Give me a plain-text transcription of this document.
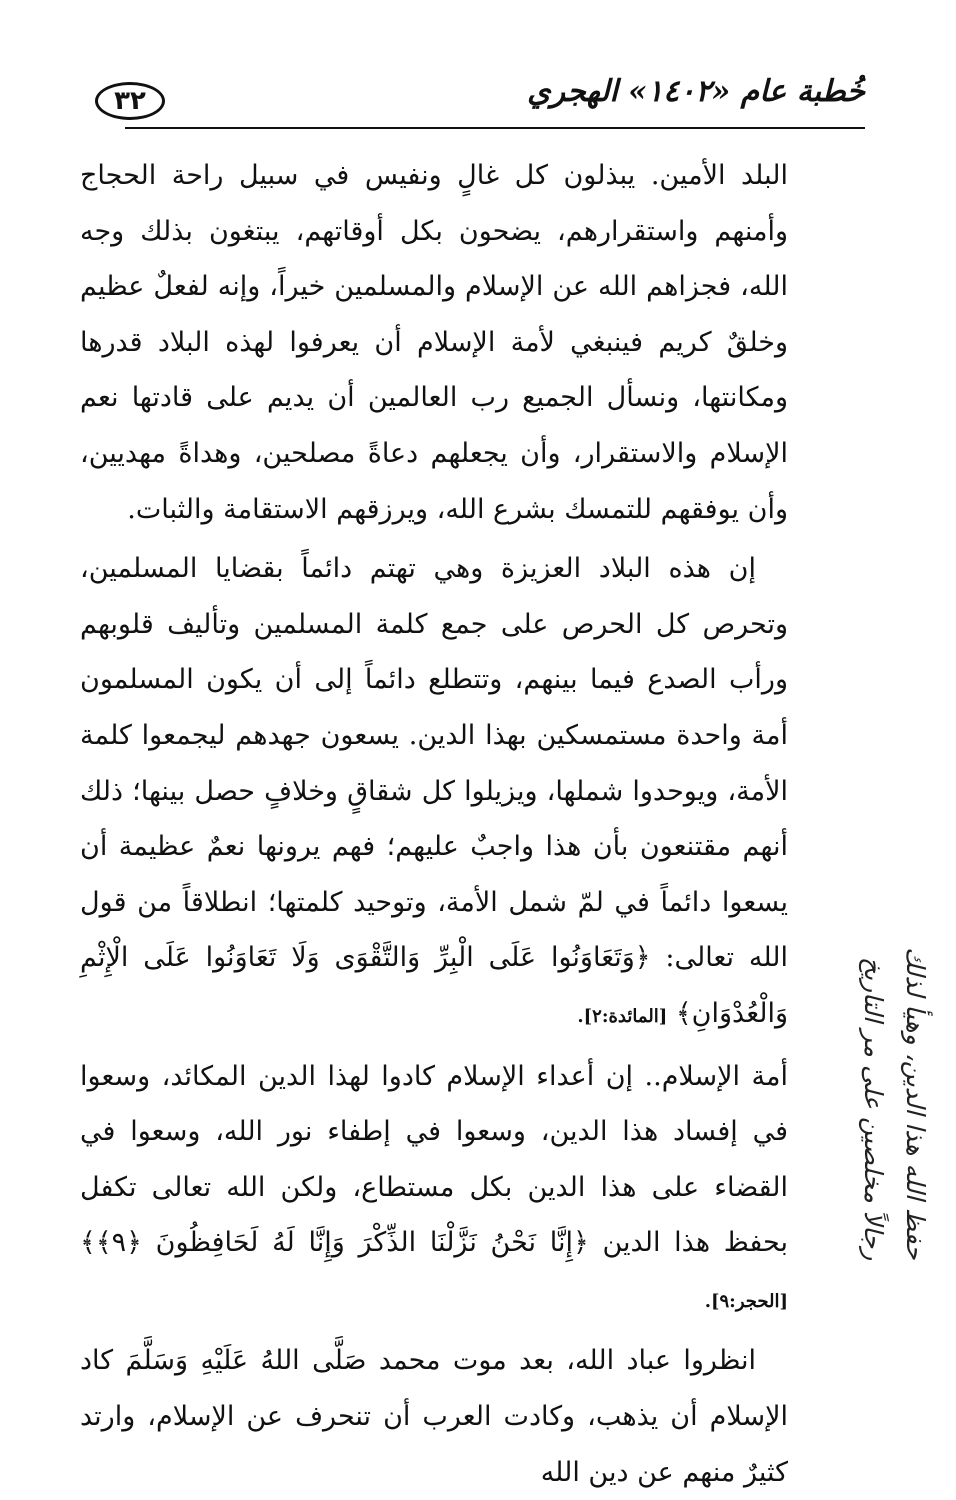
٣٢	خُطبة عام «١٤٠٢» الهجري

البلد الأمين. يبذلون كل غالٍ ونفيس في سبيل راحة الحجاج وأمنهم واستقرارهم، يضحون بكل أوقاتهم، يبتغون بذلك وجه الله، فجزاهم الله عن الإسلام والمسلمين خيراً، وإنه لفعلٌ عظيم وخلقٌ كريم فينبغي لأمة الإسلام أن يعرفوا لهذه البلاد قدرها ومكانتها، ونسأل الجميع رب العالمين أن يديم على قادتها نعم الإسلام والاستقرار، وأن يجعلهم دعاةً مصلحين، وهداةً مهديين، وأن يوفقهم للتمسك بشرع الله، ويرزقهم الاستقامة والثبات.

إن هذه البلاد العزيزة وهي تهتم دائماً بقضايا المسلمين، وتحرص كل الحرص على جمع كلمة المسلمين وتأليف قلوبهم ورأب الصدع فيما بينهم، وتتطلع دائماً إلى أن يكون المسلمون أمة واحدة مستمسكين بهذا الدين. يسعون جهدهم ليجمعوا كلمة الأمة، ويوحدوا شملها، ويزيلوا كل شقاقٍ وخلافٍ حصل بينها؛ ذلك أنهم مقتنعون بأن هذا واجبٌ عليهم؛ فهم يرونها نعمٌ عظيمة أن يسعوا دائماً في لمّ شمل الأمة، وتوحيد كلمتها؛ انطلاقاً من قول الله تعالى: ﴿وَتَعَاوَنُوا عَلَى الْبِرِّ وَالتَّقْوَى وَلَا تَعَاوَنُوا عَلَى الْإِثْمِ وَالْعُدْوَانِ﴾ [المائدة:٢].

أمة الإسلام.. إن أعداء الإسلام كادوا لهذا الدين المكائد، وسعوا في إفساد هذا الدين، وسعوا في إطفاء نور الله، وسعوا في القضاء على هذا الدين بكل مستطاع، ولكن الله تعالى تكفل بحفظ هذا الدين ﴿إِنَّا نَحْنُ نَزَّلْنَا الذِّكْرَ وَإِنَّا لَهُ لَحَافِظُونَ ﴿٩﴾﴾ [الحجر:٩].

انظروا عباد الله، بعد موت محمد صَلَّى اللهُ عَلَيْهِ وَسَلَّمَ كاد الإسلام أن يذهب، وكادت العرب أن تنحرف عن الإسلام، وارتد كثيرٌ منهم عن دين الله

حفظ الله هذا الدين، وهيأ لذلك
رجالاً مخلصين على مر التاريخ
